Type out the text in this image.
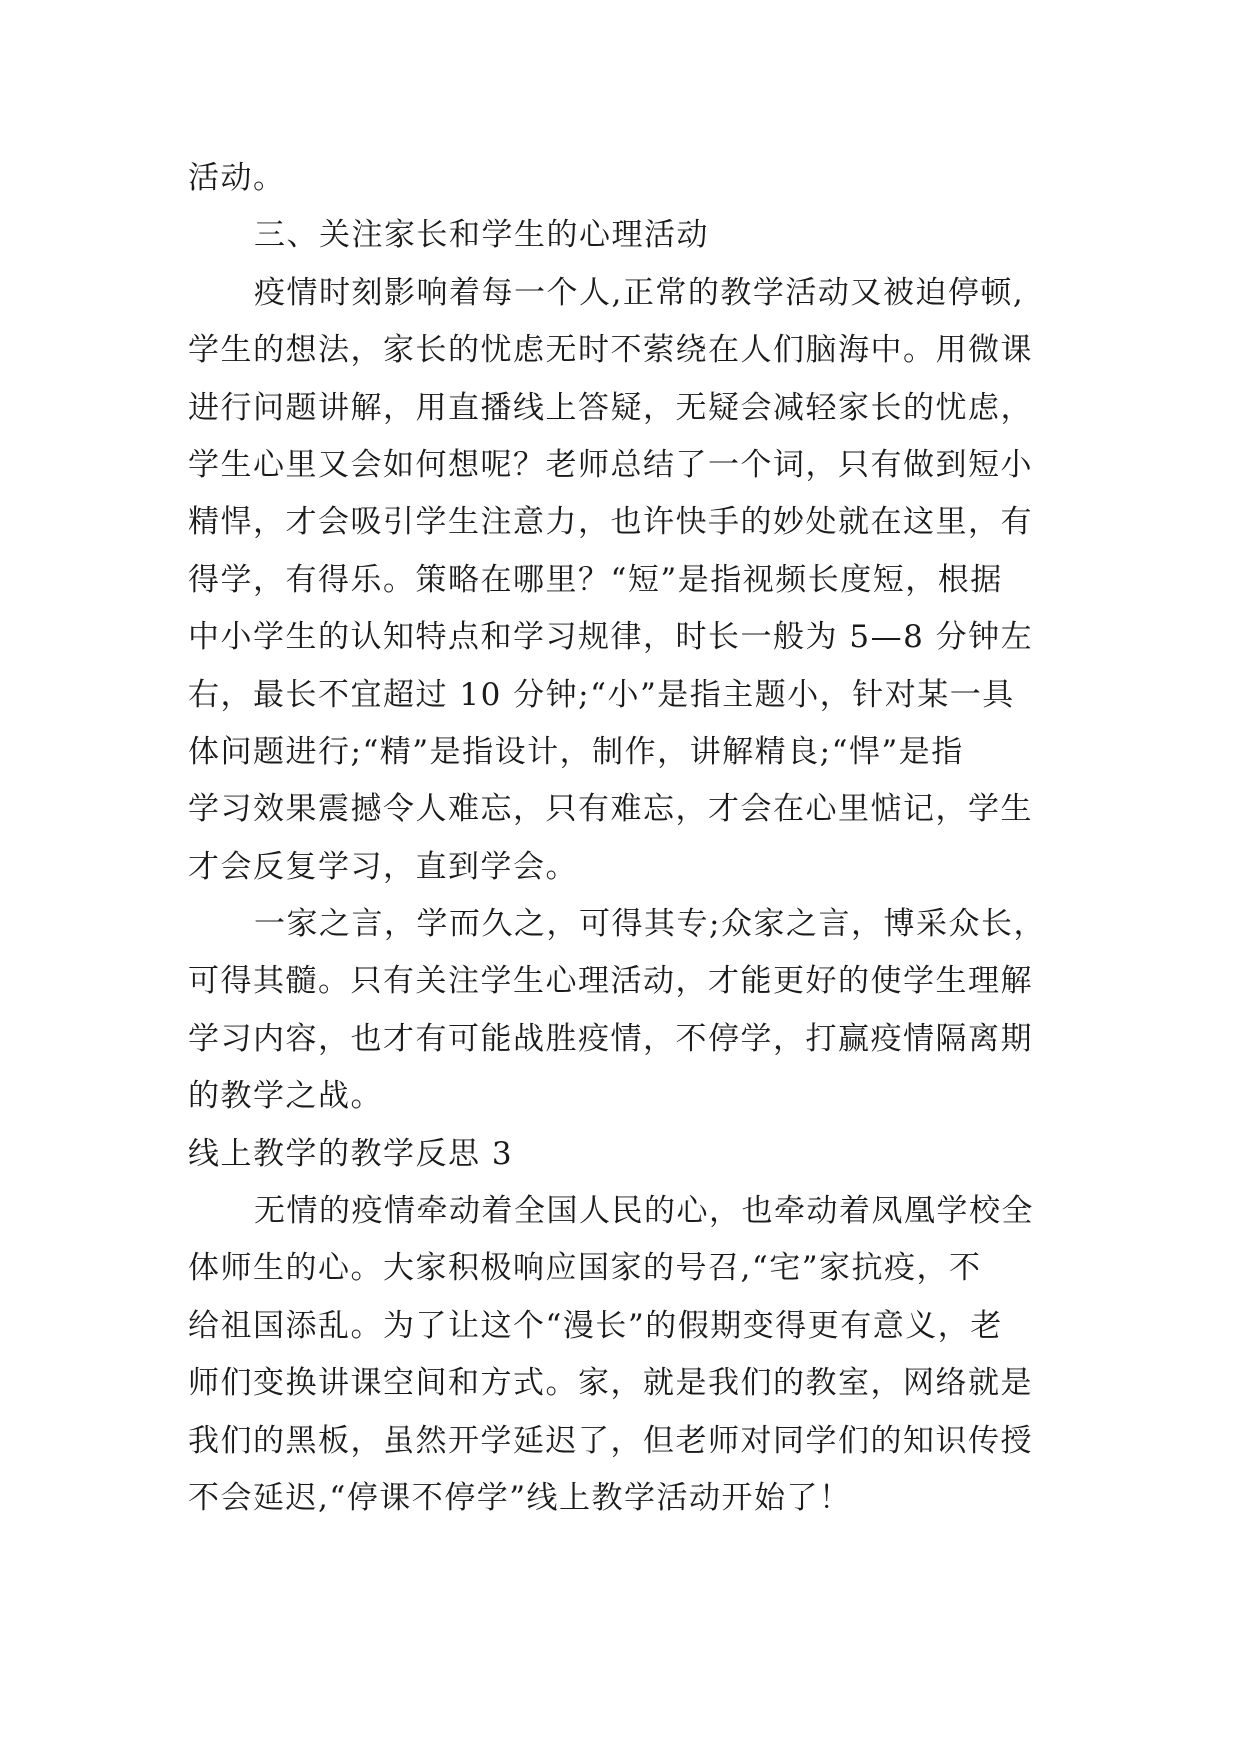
活动。
三、关注家长和学生的心理活动
疫情时刻影响着每一个人,正常的教学活动又被迫停顿,
学生的想法，家长的忧虑无时不萦绕在人们脑海中。用微课
进行问题讲解，用直播线上答疑，无疑会减轻家长的忧虑，
学生心里又会如何想呢？老师总结了一个词，只有做到短小
精悍，才会吸引学生注意力，也许快手的妙处就在这里，有
得学，有得乐。策略在哪里？“短”是指视频长度短，根据
中小学生的认知特点和学习规律，时长一般为 5—8 分钟左
右，最长不宜超过 10 分钟;“小”是指主题小，针对某一具
体问题进行;“精”是指设计，制作，讲解精良;“悍”是指
学习效果震撼令人难忘，只有难忘，才会在心里惦记，学生
才会反复学习，直到学会。
一家之言，学而久之，可得其专;众家之言，博采众长，
可得其髓。只有关注学生心理活动，才能更好的使学生理解
学习内容，也才有可能战胜疫情，不停学，打赢疫情隔离期
的教学之战。
线上教学的教学反思 3
无情的疫情牵动着全国人民的心，也牵动着凤凰学校全
体师生的心。大家积极响应国家的号召,“宅”家抗疫，不
给祖国添乱。为了让这个“漫长”的假期变得更有意义，老
师们变换讲课空间和方式。家，就是我们的教室，网络就是
我们的黑板，虽然开学延迟了，但老师对同学们的知识传授
不会延迟,“停课不停学”线上教学活动开始了！
